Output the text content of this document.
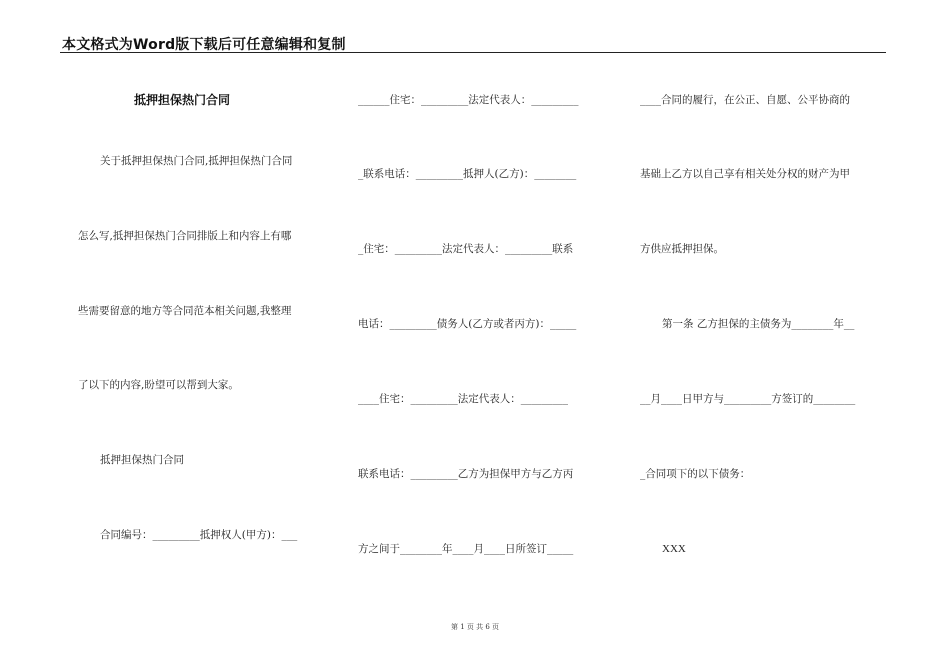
本文格式为Word版下载后可任意编辑和复制

抵押担保热门合同

关于抵押担保热门合同,抵押担保热门合同

怎么写,抵押担保热门合同排版上和内容上有哪

些需要留意的地方等合同范本相关问题,我整理

了以下的内容,盼望可以帮到大家。

抵押担保热门合同

合同编号：_________抵押权人(甲方)：___

______住宅：_________法定代表人：_________

_联系电话：_________抵押人(乙方)：________

_住宅：_________法定代表人：_________联系

电话：_________债务人(乙方或者丙方)：_____

____住宅：_________法定代表人：_________

联系电话：_________乙方为担保甲方与乙方丙

方之间于________年____月____日所签订_____

____合同的履行，在公正、自愿、公平协商的

基础上乙方以自己享有相关处分权的财产为甲

方供应抵押担保。

第一条 乙方担保的主债务为________年__

__月____日甲方与_________方签订的________

_合同项下的以下债务：

XXX

第 1 页 共 6 页
